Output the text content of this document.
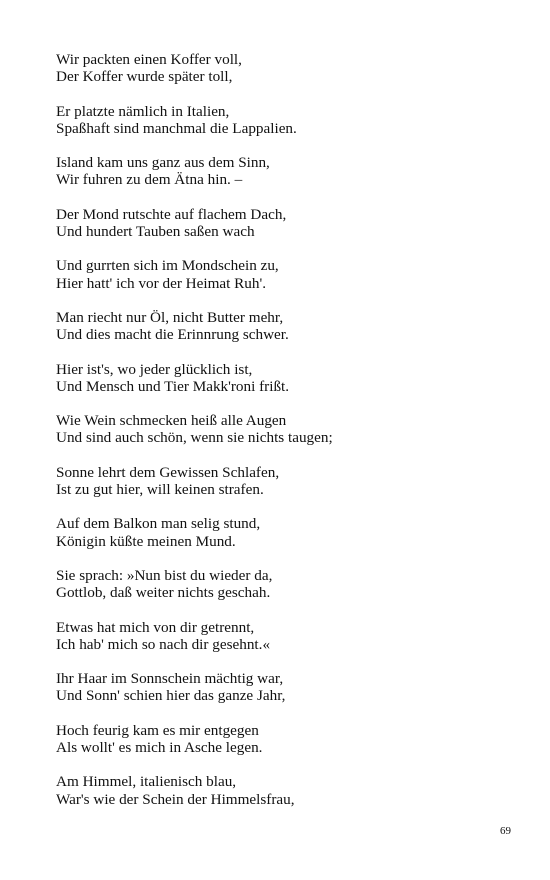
Wir packten einen Koffer voll,
Der Koffer wurde später toll,
Er platzte nämlich in Italien,
Spaßhaft sind manchmal die Lappalien.
Island kam uns ganz aus dem Sinn,
Wir fuhren zu dem Ätna hin. –
Der Mond rutschte auf flachem Dach,
Und hundert Tauben saßen wach
Und gurrten sich im Mondschein zu,
Hier hatt' ich vor der Heimat Ruh'.
Man riecht nur Öl, nicht Butter mehr,
Und dies macht die Erinnrung schwer.
Hier ist's, wo jeder glücklich ist,
Und Mensch und Tier Makk'roni frißt.
Wie Wein schmecken heiß alle Augen
Und sind auch schön, wenn sie nichts taugen;
Sonne lehrt dem Gewissen Schlafen,
Ist zu gut hier, will keinen strafen.
Auf dem Balkon man selig stund,
Königin küßte meinen Mund.
Sie sprach: »Nun bist du wieder da,
Gottlob, daß weiter nichts geschah.
Etwas hat mich von dir getrennt,
Ich hab' mich so nach dir gesehnt.«
Ihr Haar im Sonnschein mächtig war,
Und Sonn' schien hier das ganze Jahr,
Hoch feurig kam es mir entgegen
Als wollt' es mich in Asche legen.
Am Himmel, italienisch blau,
War's wie der Schein der Himmelsfrau,
69
